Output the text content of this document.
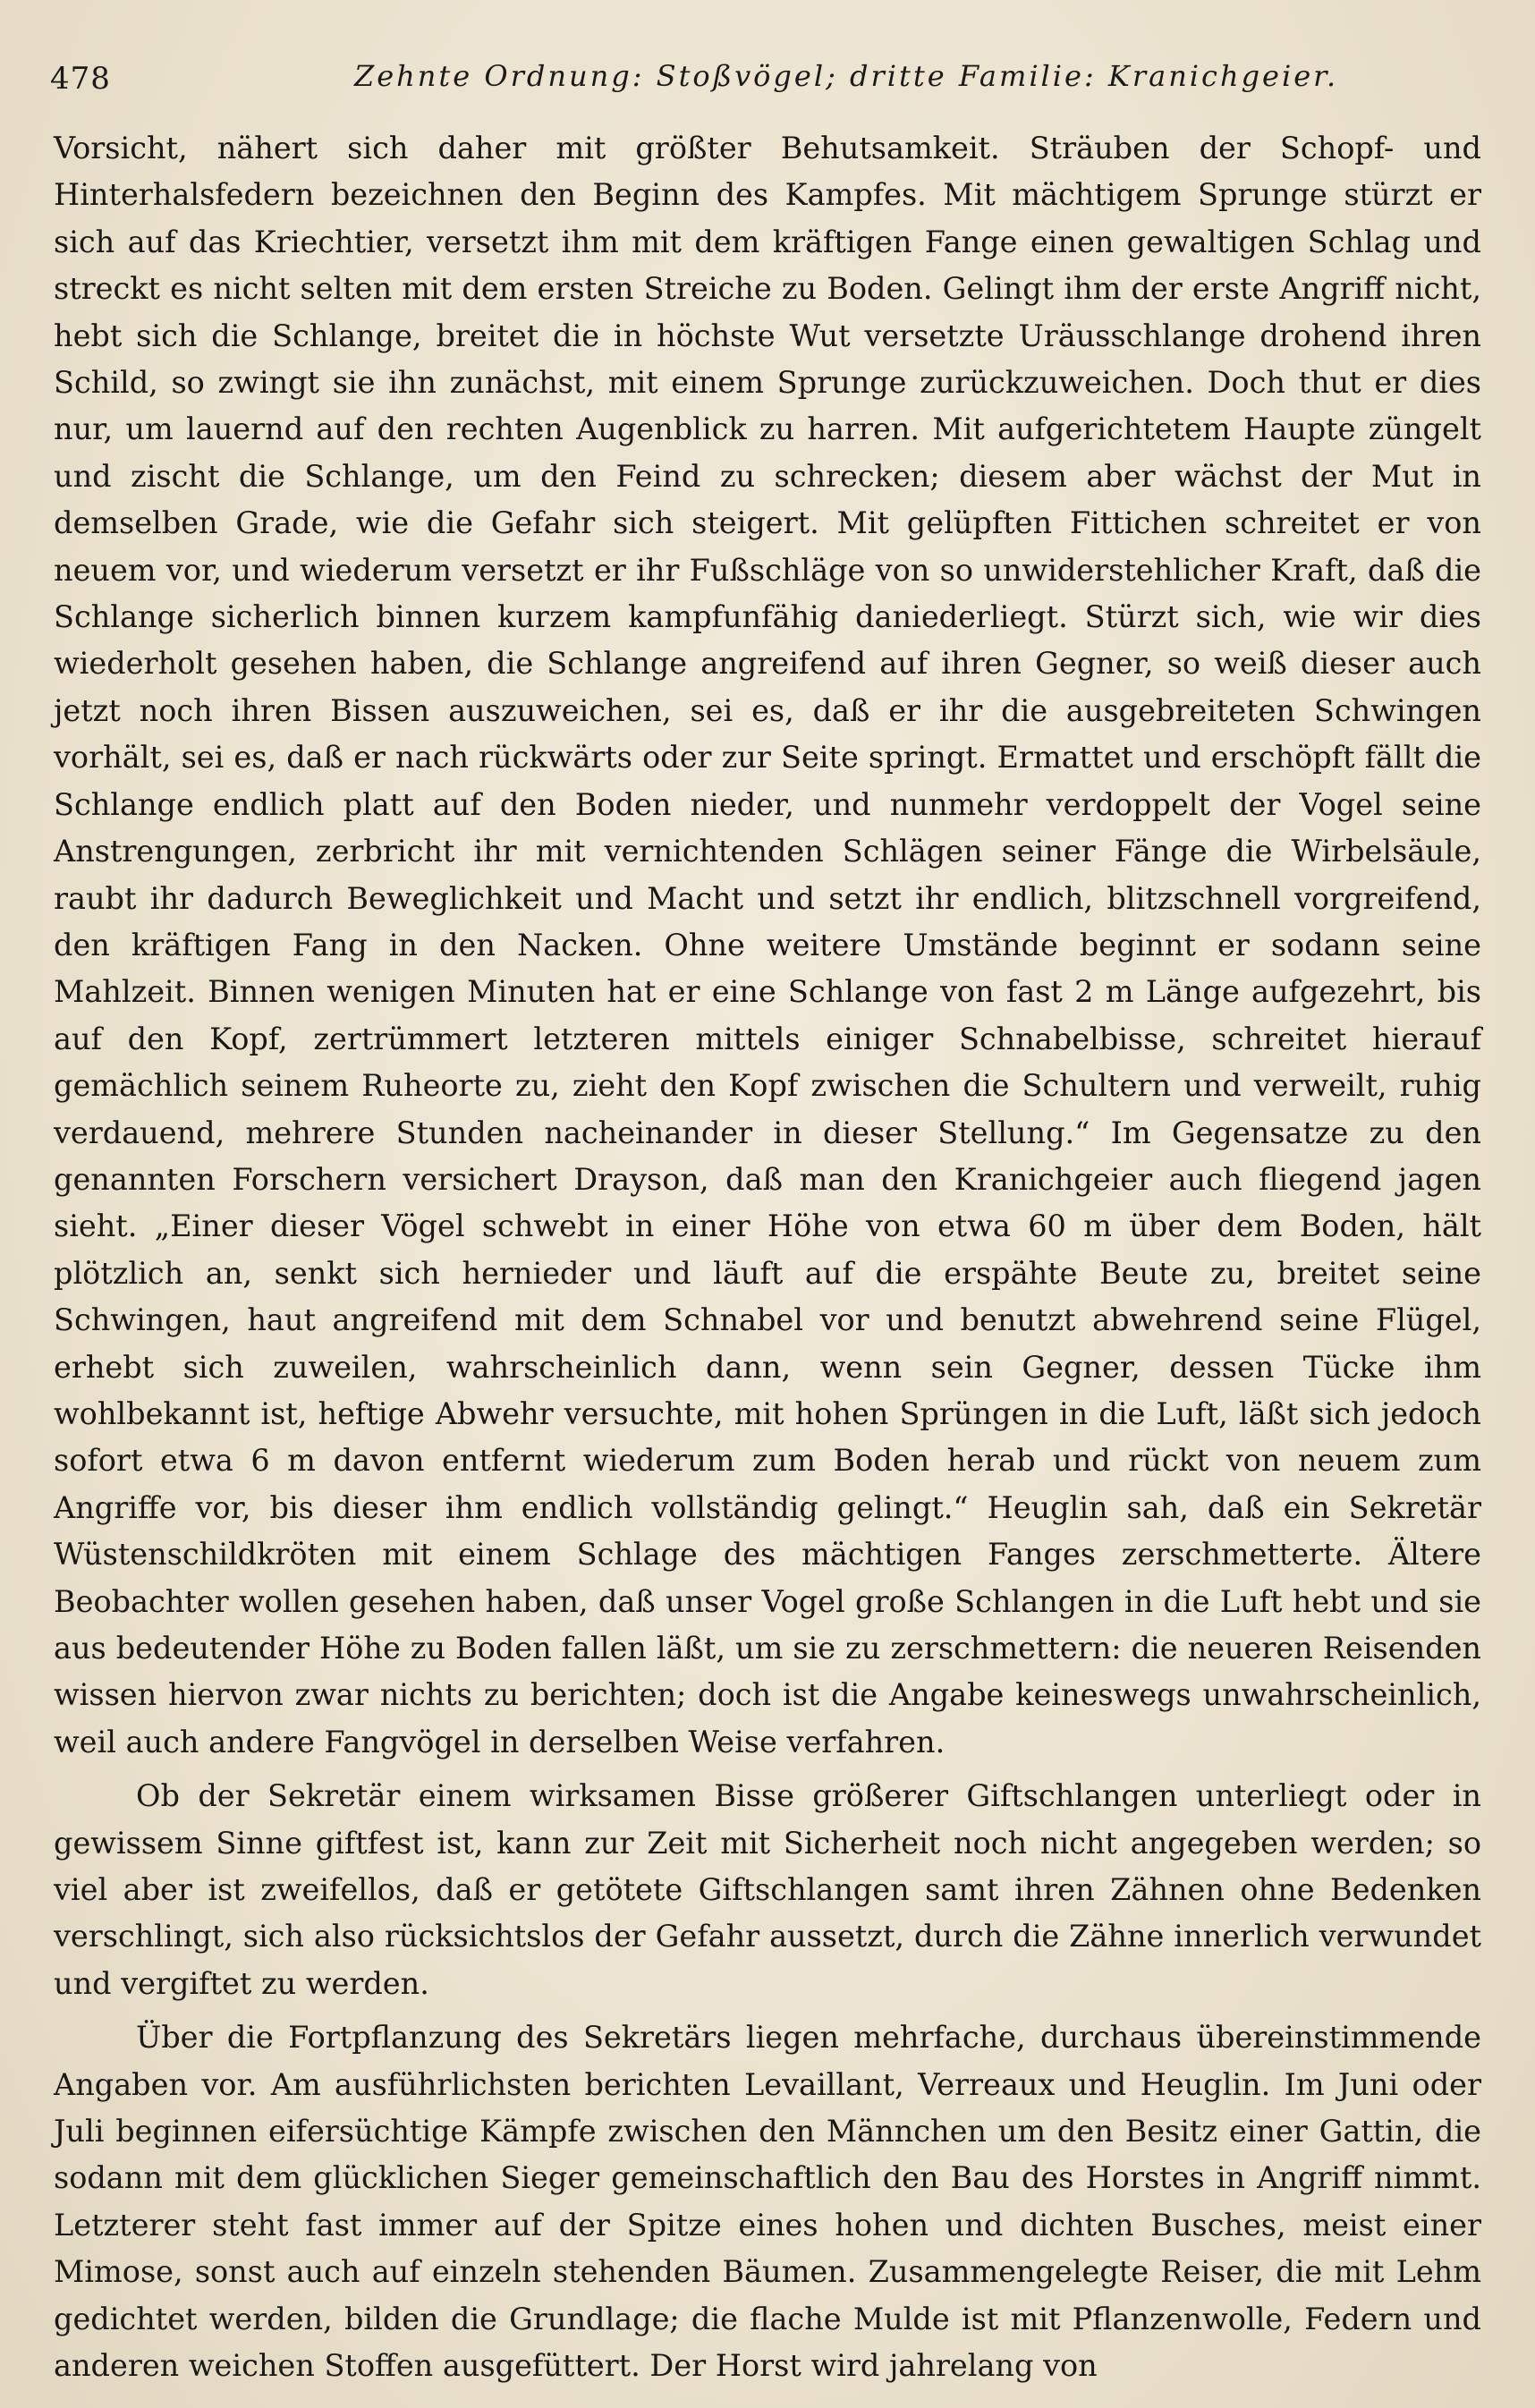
478	Zehnte Ordnung: Stoßvögel; dritte Familie: Kranichgeier.

Vorsicht, nähert sich daher mit größter Behutsamkeit. Sträuben der Schopf- und Hinterhalsfedern bezeichnen den Beginn des Kampfes. Mit mächtigem Sprunge stürzt er sich auf das Kriechtier, versetzt ihm mit dem kräftigen Fange einen gewaltigen Schlag und streckt es nicht selten mit dem ersten Streiche zu Boden. Gelingt ihm der erste Angriff nicht, hebt sich die Schlange, breitet die in höchste Wut versetzte Uräusschlange drohend ihren Schild, so zwingt sie ihn zunächst, mit einem Sprunge zurückzuweichen. Doch thut er dies nur, um lauernd auf den rechten Augenblick zu harren. Mit aufgerichtetem Haupte züngelt und zischt die Schlange, um den Feind zu schrecken; diesem aber wächst der Mut in demselben Grade, wie die Gefahr sich steigert. Mit gelüpften Fittichen schreitet er von neuem vor, und wiederum versetzt er ihr Fußschläge von so unwiderstehlicher Kraft, daß die Schlange sicherlich binnen kurzem kampfunfähig daniederliegt. Stürzt sich, wie wir dies wiederholt gesehen haben, die Schlange angreifend auf ihren Gegner, so weiß dieser auch jetzt noch ihren Bissen auszuweichen, sei es, daß er ihr die ausgebreiteten Schwingen vorhält, sei es, daß er nach rückwärts oder zur Seite springt. Ermattet und erschöpft fällt die Schlange endlich platt auf den Boden nieder, und nunmehr verdoppelt der Vogel seine Anstrengungen, zerbricht ihr mit vernichtenden Schlägen seiner Fänge die Wirbelsäule, raubt ihr dadurch Beweglichkeit und Macht und setzt ihr endlich, blitzschnell vorgreifend, den kräftigen Fang in den Nacken. Ohne weitere Umstände beginnt er sodann seine Mahlzeit. Binnen wenigen Minuten hat er eine Schlange von fast 2 m Länge aufgezehrt, bis auf den Kopf, zertrümmert letzteren mittels einiger Schnabelbisse, schreitet hierauf gemächlich seinem Ruheorte zu, zieht den Kopf zwischen die Schultern und verweilt, ruhig verdauend, mehrere Stunden nacheinander in dieser Stellung.“ Im Gegensatze zu den genannten Forschern versichert Drayson, daß man den Kranichgeier auch fliegend jagen sieht. „Einer dieser Vögel schwebt in einer Höhe von etwa 60 m über dem Boden, hält plötzlich an, senkt sich hernieder und läuft auf die erspähte Beute zu, breitet seine Schwingen, haut angreifend mit dem Schnabel vor und benutzt abwehrend seine Flügel, erhebt sich zuweilen, wahrscheinlich dann, wenn sein Gegner, dessen Tücke ihm wohlbekannt ist, heftige Abwehr versuchte, mit hohen Sprüngen in die Luft, läßt sich jedoch sofort etwa 6 m davon entfernt wiederum zum Boden herab und rückt von neuem zum Angriffe vor, bis dieser ihm endlich vollständig gelingt.“ Heuglin sah, daß ein Sekretär Wüstenschildkröten mit einem Schlage des mächtigen Fanges zerschmetterte. Ältere Beobachter wollen gesehen haben, daß unser Vogel große Schlangen in die Luft hebt und sie aus bedeutender Höhe zu Boden fallen läßt, um sie zu zerschmettern: die neueren Reisenden wissen hiervon zwar nichts zu berichten; doch ist die Angabe keineswegs unwahrscheinlich, weil auch andere Fangvögel in derselben Weise verfahren.

Ob der Sekretär einem wirksamen Bisse größerer Giftschlangen unterliegt oder in gewissem Sinne giftfest ist, kann zur Zeit mit Sicherheit noch nicht angegeben werden; so viel aber ist zweifellos, daß er getötete Giftschlangen samt ihren Zähnen ohne Bedenken verschlingt, sich also rücksichtslos der Gefahr aussetzt, durch die Zähne innerlich verwundet und vergiftet zu werden.

Über die Fortpflanzung des Sekretärs liegen mehrfache, durchaus übereinstimmende Angaben vor. Am ausführlichsten berichten Levaillant, Verreaux und Heuglin. Im Juni oder Juli beginnen eifersüchtige Kämpfe zwischen den Männchen um den Besitz einer Gattin, die sodann mit dem glücklichen Sieger gemeinschaftlich den Bau des Horstes in Angriff nimmt. Letzterer steht fast immer auf der Spitze eines hohen und dichten Busches, meist einer Mimose, sonst auch auf einzeln stehenden Bäumen. Zusammengelegte Reiser, die mit Lehm gedichtet werden, bilden die Grundlage; die flache Mulde ist mit Pflanzenwolle, Federn und anderen weichen Stoffen ausgefüttert. Der Horst wird jahrelang von
